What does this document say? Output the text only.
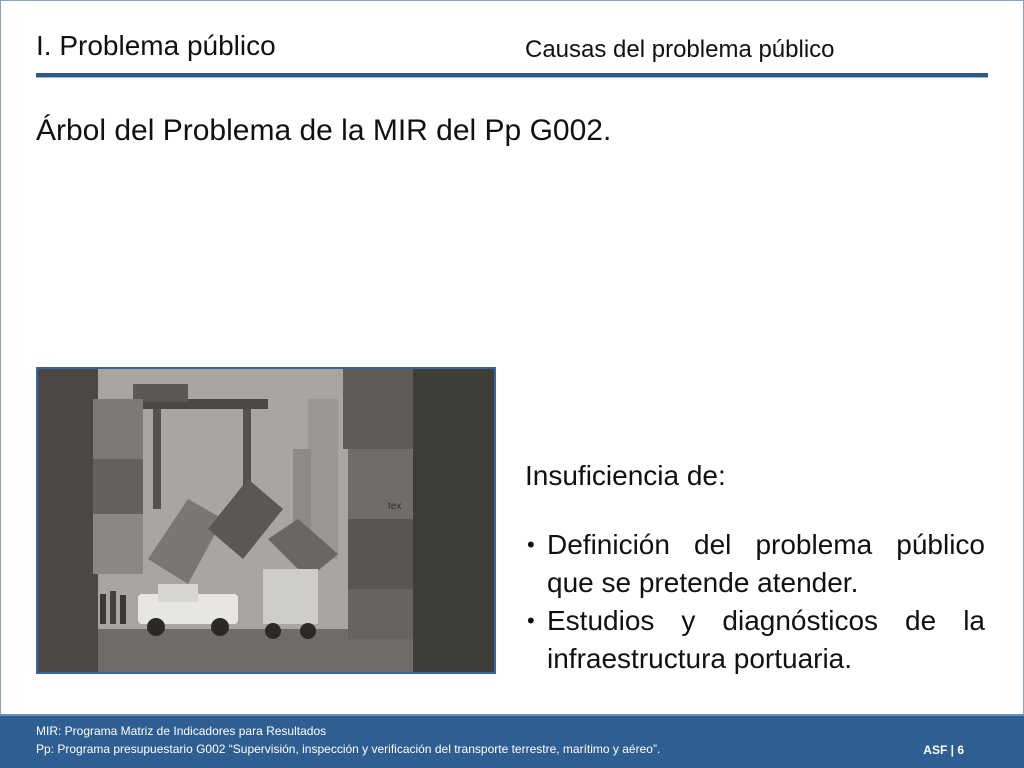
I. Problema público	Causas del problema público
Árbol del Problema de la MIR del Pp G002.
tex
Insuficiencia de:
• Definición del problema público que se pretende atender.
• Estudios y diagnósticos de la infraestructura portuaria.
MIR: Programa Matriz de Indicadores para Resultados
Pp: Programa presupuestario G002 “Supervisión, inspección y verificación del transporte terrestre, marítimo y aéreo”.	ASF | 6
